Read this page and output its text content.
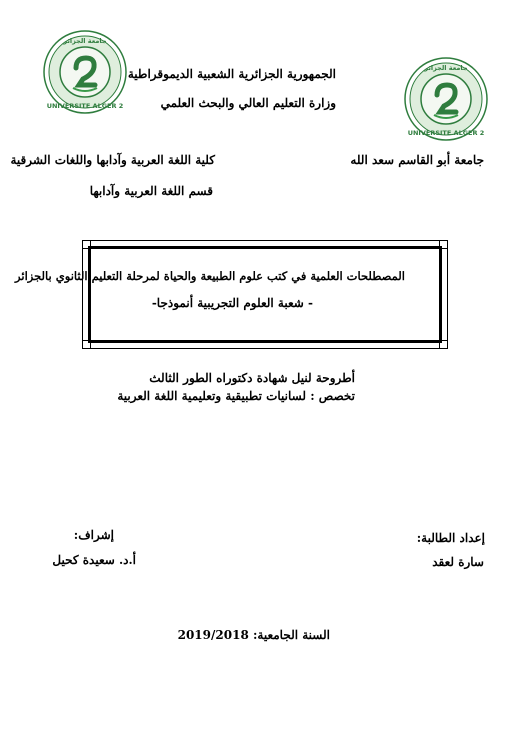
UNIVERSITE ALGER 2
جامعة الجزائر
UNIVERSITE ALGER 2
جامعة الجزائر
الجمهورية الجزائرية الشعبية الديموقراطية
وزارة التعليم العالي والبحث العلمي
جامعة أبو القاسم سعد الله
كلية اللغة العربية وآدابها واللغات الشرقية
قسم اللغة العربية وآدابها
المصطلحات العلمية في كتب علوم الطبيعة والحياة لمرحلة التعليم الثانوي بالجزائر
- شعبة العلوم التجريبية أنموذجا-
أطروحة لنيل شهادة دكتوراه الطور الثالث
تخصص : لسانيات تطبيقية وتعليمية اللغة العربية
إعداد الطالبة:
سارة لعقد
إشراف:
أ.د. سعيدة كحيل
السنة الجامعية: 2019/2018
